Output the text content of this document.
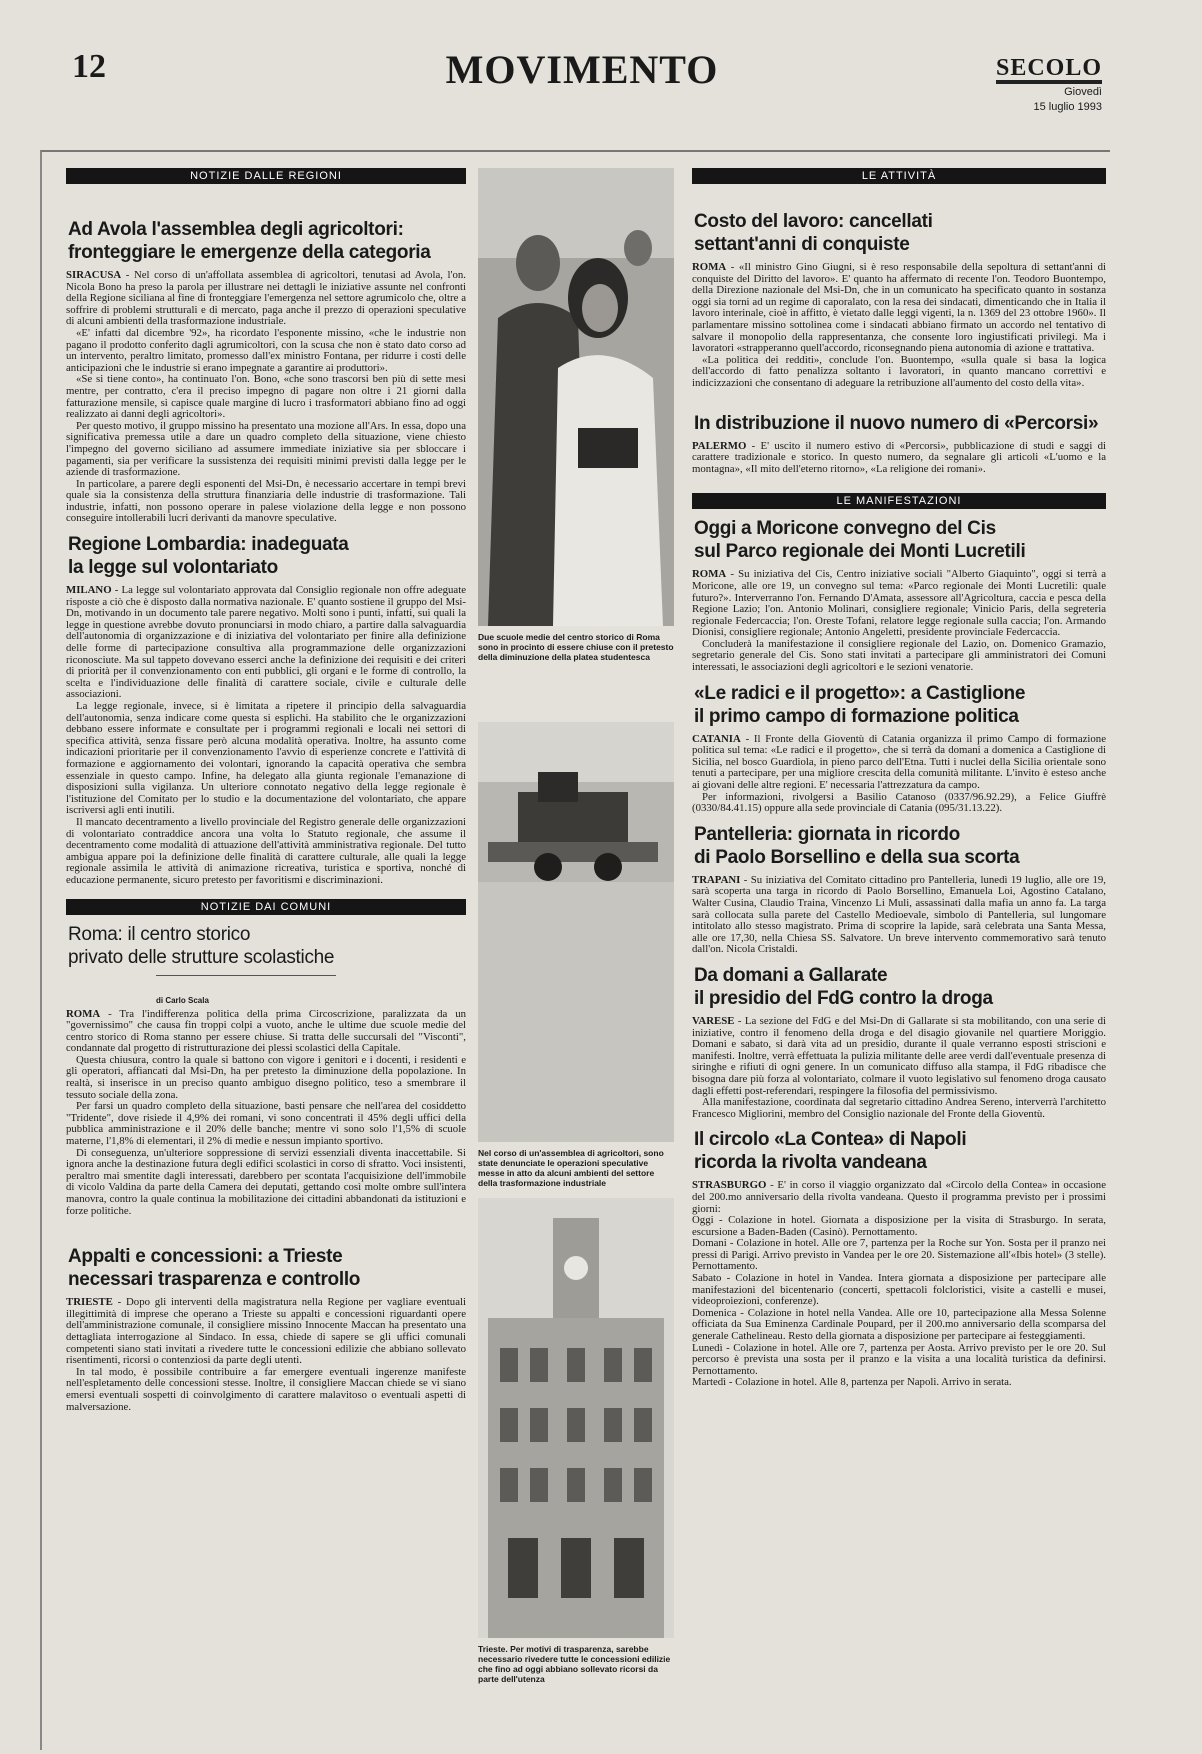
12	MOVIMENTO	SECOLO
Giovedì
15 luglio 1993
NOTIZIE DALLE REGIONI
Ad Avola l'assemblea degli agricoltori:
fronteggiare le emergenze della categoria

SIRACUSA - Nel corso di un'affollata assemblea di agricoltori, tenutasi ad Avola, l'on. Nicola Bono ha preso la parola per illustrare nei dettagli le iniziative assunte nel confronti della Regione siciliana al fine di fronteggiare l'emergenza nel settore agrumicolo che, oltre a soffrire di problemi strutturali e di mercato, paga anche il prezzo di operazioni speculative di alcuni ambienti della trasformazione industriale.

«E' infatti dal dicembre '92», ha ricordato l'esponente missino, «che le industrie non pagano il prodotto conferito dagli agrumicoltori, con la scusa che non è stato dato corso ad un intervento, peraltro limitato, promesso dall'ex ministro Fontana, per ridurre i costi delle anticipazioni che le industrie si erano impegnate a garantire ai produttori».

«Se si tiene conto», ha continuato l'on. Bono, «che sono trascorsi ben più di sette mesi mentre, per contratto, c'era il preciso impegno di pagare non oltre i 21 giorni dalla fatturazione mensile, si capisce quale margine di lucro i trasformatori abbiano fino ad oggi realizzato ai danni degli agricoltori».

Per questo motivo, il gruppo missino ha presentato una mozione all'Ars. In essa, dopo una significativa premessa utile a dare un quadro completo della situazione, viene chiesto l'impegno del governo siciliano ad assumere immediate iniziative sia per sbloccare i pagamenti, sia per verificare la sussistenza dei requisiti minimi previsti dalla legge per le aziende di trasformazione.

In particolare, a parere degli esponenti del Msi-Dn, è necessario accertare in tempi brevi quale sia la consistenza della struttura finanziaria delle industrie di trasformazione. Tali industrie, infatti, non possono operare in palese violazione della legge e non possono conseguire intollerabili lucri derivanti da manovre speculative.

Regione Lombardia: inadeguata
la legge sul volontariato

MILANO - La legge sul volontariato approvata dal Consiglio regionale non offre adeguate risposte a ciò che è disposto dalla normativa nazionale. E' quanto sostiene il gruppo del Msi-Dn, motivando in un documento tale parere negativo. Molti sono i punti, infatti, sui quali la legge in questione avrebbe dovuto pronunciarsi in modo chiaro, a partire dalla salvaguardia dell'autonomia di organizzazione e di iniziativa del volontariato per finire alla definizione delle forme di partecipazione consultiva alla programmazione delle organizzazioni riconosciute. Ma sul tappeto dovevano esserci anche la definizione dei requisiti e dei criteri di priorità per il convenzionamento con enti pubblici, gli organi e le forme di controllo, la scelta e l'individuazione delle finalità di carattere sociale, civile e culturale delle associazioni.

La legge regionale, invece, si è limitata a ripetere il principio della salvaguardia dell'autonomia, senza indicare come questa si esplichi. Ha stabilito che le organizzazioni debbano essere informate e consultate per i programmi regionali e locali nei settori di specifica attività, senza fissare però alcuna modalità operativa. Inoltre, ha assunto come indicazioni prioritarie per il convenzionamento l'avvio di esperienze concrete e l'attività di formazione e aggiornamento dei volontari, ignorando la capacità operativa che sembra essenziale in questo campo. Infine, ha delegato alla giunta regionale l'emanazione di disposizioni sulla vigilanza. Un ulteriore connotato negativo della legge regionale è l'istituzione del Comitato per lo studio e la documentazione del volontariato, che appare iscriversi agli enti inutili.

Il mancato decentramento a livello provinciale del Registro generale delle organizzazioni di volontariato contraddice ancora una volta lo Statuto regionale, che assume il decentramento come modalità di attuazione dell'attività amministrativa regionale. Del tutto ambigua appare poi la definizione delle finalità di carattere culturale, alle quali la legge regionale assimila le attività di animazione ricreativa, turistica e sportiva, nonché di educazione permanente, sicuro pretesto per favoritismi e discriminazioni.

NOTIZIE DAI COMUNI
Roma: il centro storico
privato delle strutture scolastiche
di Carlo Scala

ROMA - Tra l'indifferenza politica della prima Circoscrizione, paralizzata da un "governissimo" che causa fin troppi colpi a vuoto, anche le ultime due scuole medie del centro storico di Roma stanno per essere chiuse. Si tratta delle succursali del "Visconti", condannate dal progetto di ristrutturazione dei plessi scolastici della Capitale.

Questa chiusura, contro la quale si battono con vigore i genitori e i docenti, i residenti e gli operatori, affiancati dal Msi-Dn, ha per pretesto la diminuzione della popolazione. In realtà, si inserisce in un preciso quanto ambiguo disegno politico, teso a smembrare il tessuto sociale della zona.

Per farsi un quadro completo della situazione, basti pensare che nell'area del cosiddetto "Tridente", dove risiede il 4,9% dei romani, vi sono concentrati il 45% degli uffici della pubblica amministrazione e il 20% delle banche; mentre vi sono solo l'1,5% di scuole materne, l'1,8% di elementari, il 2% di medie e nessun impianto sportivo.

Di conseguenza, un'ulteriore soppressione di servizi essenziali diventa inaccettabile. Si ignora anche la destinazione futura degli edifici scolastici in corso di sfratto. Voci insistenti, peraltro mai smentite dagli interessati, darebbero per scontata l'acquisizione dell'immobile di vicolo Valdina da parte della Camera dei deputati, gettando così molte ombre sull'intera manovra, contro la quale continua la mobilitazione dei cittadini abbandonati da istituzioni e forze politiche.

Appalti e concessioni: a Trieste
necessari trasparenza e controllo

TRIESTE - Dopo gli interventi della magistratura nella Regione per vagliare eventuali illegittimità di imprese che operano a Trieste su appalti e concessioni riguardanti opere dell'amministrazione comunale, il consigliere missino Innocente Maccan ha presentato una dettagliata interrogazione al Sindaco. In essa, chiede di sapere se gli uffici comunali competenti siano stati invitati a rivedere tutte le concessioni edilizie che abbiano sollevato risentimenti, ricorsi o contenziosi da parte degli utenti.

In tal modo, è possibile contribuire a far emergere eventuali ingerenze manifeste nell'espletamento delle concessioni stesse. Inoltre, il consigliere Maccan chiede se vi siano emersi eventuali sospetti di coinvolgimento di carattere malavitoso o eventuali aspetti di malversazione.

Due scuole medie del centro storico di Roma sono in procinto di essere chiuse con il pretesto della diminuzione della platea studentesca
Nel corso di un'assemblea di agricoltori, sono state denunciate le operazioni speculative messe in atto da alcuni ambienti del settore della trasformazione industriale
Trieste. Per motivi di trasparenza, sarebbe necessario rivedere tutte le concessioni edilizie che fino ad oggi abbiano sollevato ricorsi da parte dell'utenza
LE ATTIVITÀ
Costo del lavoro: cancellati
settant'anni di conquiste

ROMA - «Il ministro Gino Giugni, si è reso responsabile della sepoltura di settant'anni di conquiste del Diritto del lavoro». E' quanto ha affermato di recente l'on. Teodoro Buontempo, della Direzione nazionale del Msi-Dn, che in un comunicato ha specificato quanto in sostanza oggi sia torni ad un regime di caporalato, con la resa dei sindacati, dimenticando che in Italia il lavoro interinale, cioè in affitto, è vietato dalle leggi vigenti, la n. 1369 del 23 ottobre 1960». Il parlamentare missino sottolinea come i sindacati abbiano firmato un accordo nel tentativo di salvare il monopolio della rappresentanza, che consente loro ingiustificati privilegi. Ma i lavoratori «strapperanno quell'accordo, riconsegnando piena autonomia di azione e trattativa.

«La politica dei redditi», conclude l'on. Buontempo, «sulla quale si basa la logica dell'accordo di fatto penalizza soltanto i lavoratori, in quanto mancano correttivi e indicizzazioni che consentano di adeguare la retribuzione all'aumento del costo della vita».

In distribuzione il nuovo numero di «Percorsi»

PALERMO - E' uscito il numero estivo di «Percorsi», pubblicazione di studi e saggi di carattere tradizionale e storico. In questo numero, da segnalare gli articoli «L'uomo e la montagna», «Il mito dell'eterno ritorno», «La religione dei romani».

LE MANIFESTAZIONI
Oggi a Moricone convegno del Cis
sul Parco regionale dei Monti Lucretili

ROMA - Su iniziativa del Cis, Centro iniziative sociali "Alberto Giaquinto", oggi si terrà a Moricone, alle ore 19, un convegno sul tema: «Parco regionale dei Monti Lucretili: quale futuro?». Interverranno l'on. Fernando D'Amata, assessore all'Agricoltura, caccia e pesca della Regione Lazio; l'on. Antonio Molinari, consigliere regionale; Vinicio Paris, della segreteria regionale Federcaccia; l'on. Oreste Tofani, relatore legge regionale sulla caccia; l'on. Armando Dionisi, consigliere regionale; Antonio Angeletti, presidente provinciale Federcaccia.

Concluderà la manifestazione il consigliere regionale del Lazio, on. Domenico Gramazio, segretario generale del Cis. Sono stati invitati a partecipare gli amministratori dei Comuni interessati, le associazioni degli agricoltori e le sezioni venatorie.

«Le radici e il progetto»: a Castiglione
il primo campo di formazione politica

CATANIA - Il Fronte della Gioventù di Catania organizza il primo Campo di formazione politica sul tema: «Le radici e il progetto», che si terrà da domani a domenica a Castiglione di Sicilia, nel bosco Guardiola, in pieno parco dell'Etna. Tutti i nuclei della Sicilia orientale sono tenuti a partecipare, per una migliore crescita della comunità militante. L'invito è esteso anche ai giovani delle altre regioni. E' necessaria l'attrezzatura da campo.

Per informazioni, rivolgersi a Basilio Catanoso (0337/96.92.29), a Felice Giuffrè (0330/84.41.15) oppure alla sede provinciale di Catania (095/31.13.22).

Pantelleria: giornata in ricordo
di Paolo Borsellino e della sua scorta

TRAPANI - Su iniziativa del Comitato cittadino pro Pantelleria, lunedì 19 luglio, alle ore 19, sarà scoperta una targa in ricordo di Paolo Borsellino, Emanuela Loi, Agostino Catalano, Walter Cusina, Claudio Traina, Vincenzo Li Muli, assassinati dalla mafia un anno fa. La targa sarà collocata sulla parete del Castello Medioevale, simbolo di Pantelleria, sul lungomare intitolato allo stesso magistrato. Prima di scoprire la lapide, sarà celebrata una Santa Messa, alle ore 17,30, nella Chiesa SS. Salvatore. Un breve intervento commemorativo sarà tenuto dall'on. Nicola Cristaldi.

Da domani a Gallarate
il presidio del FdG contro la droga

VARESE - La sezione del FdG e del Msi-Dn di Gallarate si sta mobilitando, con una serie di iniziative, contro il fenomeno della droga e del disagio giovanile nel quartiere Moriggio. Domani e sabato, si darà vita ad un presidio, durante il quale verranno esposti striscioni e manifesti. Inoltre, verrà effettuata la pulizia militante delle aree verdi dall'eventuale presenza di siringhe e rifiuti di ogni genere. In un comunicato diffuso alla stampa, il FdG ribadisce che bisogna dare più forza al volontariato, colmare il vuoto legislativo sul fenomeno droga causato dagli effetti post-referendari, respingere la filosofia del permissivismo.

Alla manifestazione, coordinata dal segretario cittadino Andrea Sereno, interverrà l'architetto Francesco Migliorini, membro del Consiglio nazionale del Fronte della Gioventù.

Il circolo «La Contea» di Napoli
ricorda la rivolta vandeana

STRASBURGO - E' in corso il viaggio organizzato dal «Circolo della Contea» in occasione del 200.mo anniversario della rivolta vandeana. Questo il programma previsto per i prossimi giorni:

Oggi - Colazione in hotel. Giornata a disposizione per la visita di Strasburgo. In serata, escursione a Baden-Baden (Casinò). Pernottamento.

Domani - Colazione in hotel. Alle ore 7, partenza per la Roche sur Yon. Sosta per il pranzo nei pressi di Parigi. Arrivo previsto in Vandea per le ore 20. Sistemazione all'«Ibis hotel» (3 stelle). Pernottamento.

Sabato - Colazione in hotel in Vandea. Intera giornata a disposizione per partecipare alle manifestazioni del bicentenario (concerti, spettacoli folcloristici, visite a castelli e musei, videoproiezioni, conferenze).

Domenica - Colazione in hotel nella Vandea. Alle ore 10, partecipazione alla Messa Solenne officiata da Sua Eminenza Cardinale Poupard, per il 200.mo anniversario della scomparsa del generale Cathelineau. Resto della giornata a disposizione per partecipare ai festeggiamenti.

Lunedì - Colazione in hotel. Alle ore 7, partenza per Aosta. Arrivo previsto per le ore 20. Sul percorso è prevista una sosta per il pranzo e la visita a una località turistica da definirsi. Pernottamento.

Martedì - Colazione in hotel. Alle 8, partenza per Napoli. Arrivo in serata.
